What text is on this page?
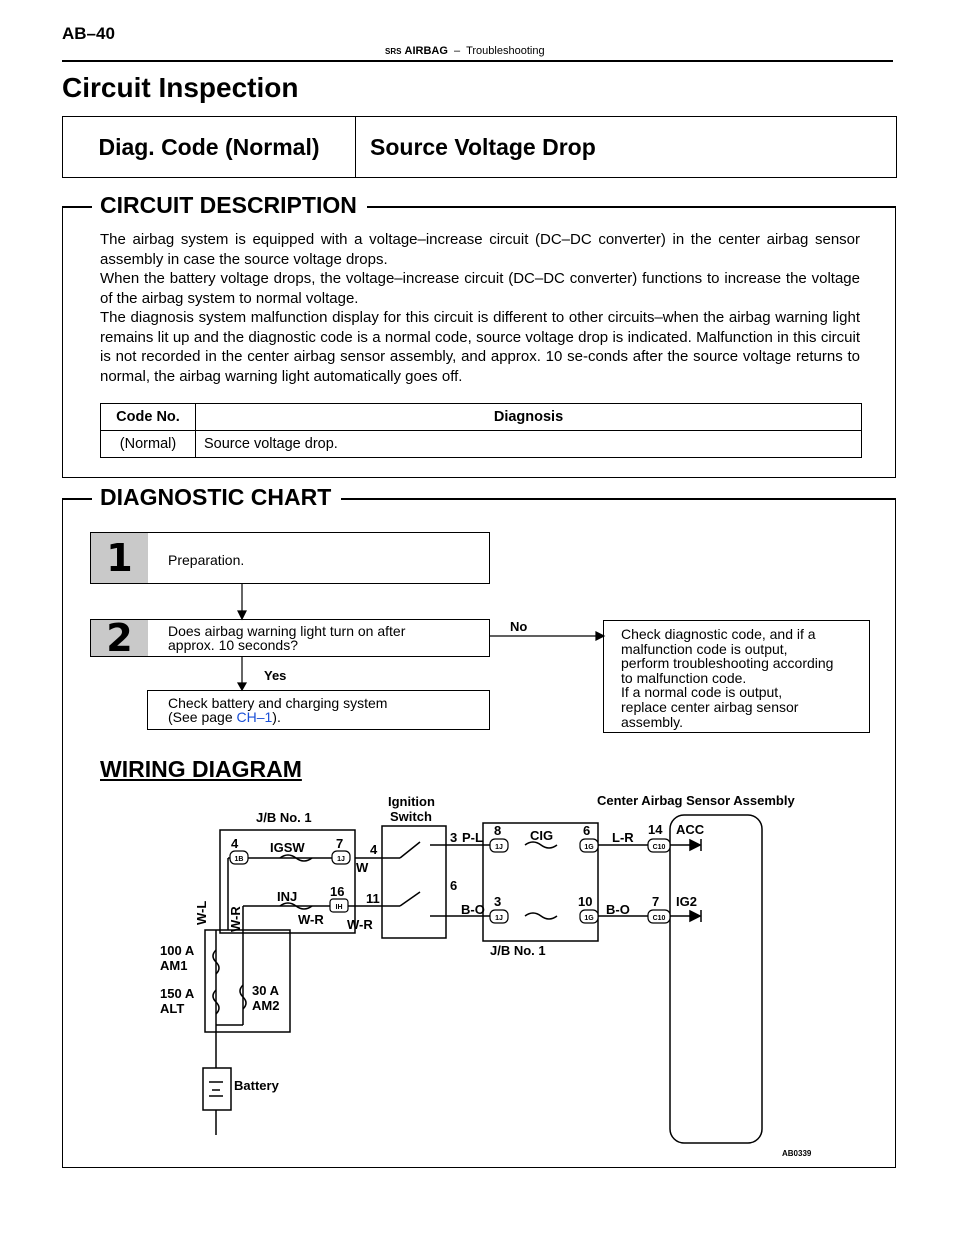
AB–40
SRS AIRBAG – Troubleshooting
Circuit Inspection
Diag. Code (Normal)	Source Voltage Drop
CIRCUIT DESCRIPTION

The airbag system is equipped with a voltage–increase circuit (DC–DC converter) in the center airbag sensor assembly in case the source voltage drops.

When the battery voltage drops, the voltage–increase circuit (DC–DC converter) functions to increase the voltage of the airbag system to normal voltage.

The diagnosis system malfunction display for this circuit is different to other circuits–when the airbag warning light remains lit up and the diagnostic code is a normal code, source voltage drop is indicated. Malfunction in this circuit is not recorded in the center airbag sensor assembly, and approx. 10 se-conds after the source voltage returns to normal, the airbag warning light automatically goes off.

Code No.	Diagnosis
(Normal)	Source voltage drop.
DIAGNOSTIC CHART
1	Preparation.
2	Does airbag warning light turn on after
approx. 10 seconds?
Check battery and charging system
(See page CH–1).
Check diagnostic code, and if a
malfunction code is output,
perform troubleshooting according
to malfunction code.
If a normal code is output,
replace center airbag sensor
assembly.
No
Yes
WIRING DIAGRAM
1B	1J
IH
1J	1G
1J	1G
C10
C10
J/B No. 1
Ignition
Switch
Center Airbag Sensor Assembly
J/B No. 1
IGSW
INJ
CIG	ACC
IG2
100 A
AM1
150 A
ALT
30 A
AM2
Battery
W
W-R W-R
P-L
B-O
L-R
B-O
4	7 4
16 11
3
6
8	6
3	10
14
7
W-L W-R
AB0339
